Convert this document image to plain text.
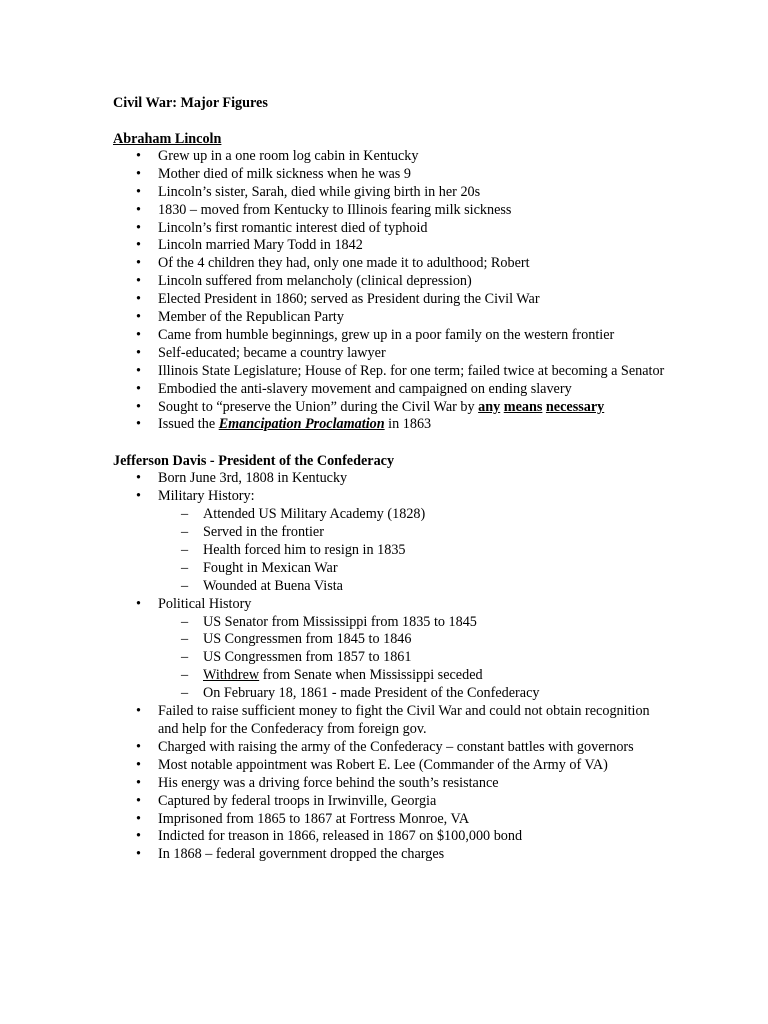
Civil War: Major Figures

Abraham Lincoln

• Grew up in a one room log cabin in Kentucky
• Mother died of milk sickness when he was 9
• Lincoln’s sister, Sarah, died while giving birth in her 20s
• 1830 – moved from Kentucky to Illinois fearing milk sickness
• Lincoln’s first romantic interest died of typhoid
• Lincoln married Mary Todd in 1842
• Of the 4 children they had, only one made it to adulthood; Robert
• Lincoln suffered from melancholy (clinical depression)
• Elected President in 1860; served as President during the Civil War
• Member of the Republican Party
• Came from humble beginnings, grew up in a poor family on the western frontier
• Self-educated; became a country lawyer
• Illinois State Legislature; House of Rep. for one term; failed twice at becoming a Senator
• Embodied the anti-slavery movement and campaigned on ending slavery
• Sought to “preserve the Union” during the Civil War by any means necessary
• Issued the Emancipation Proclamation in 1863

Jefferson Davis - President of the Confederacy

• Born June 3rd, 1808 in Kentucky
• Military History:
– Attended US Military Academy (1828)
– Served in the frontier
– Health forced him to resign in 1835
– Fought in Mexican War
– Wounded at Buena Vista
• Political History
– US Senator from Mississippi from 1835 to 1845
– US Congressmen from 1845 to 1846
– US Congressmen from 1857 to 1861
– Withdrew from Senate when Mississippi seceded
– On February 18, 1861 - made President of the Confederacy
• Failed to raise sufficient money to fight the Civil War and could not obtain recognition and help for the Confederacy from foreign gov.
• Charged with raising the army of the Confederacy – constant battles with governors
• Most notable appointment was Robert E. Lee (Commander of the Army of VA)
• His energy was a driving force behind the south’s resistance
• Captured by federal troops in Irwinville, Georgia
• Imprisoned from 1865 to 1867 at Fortress Monroe, VA
• Indicted for treason in 1866, released in 1867 on $100,000 bond
• In 1868 – federal government dropped the charges
